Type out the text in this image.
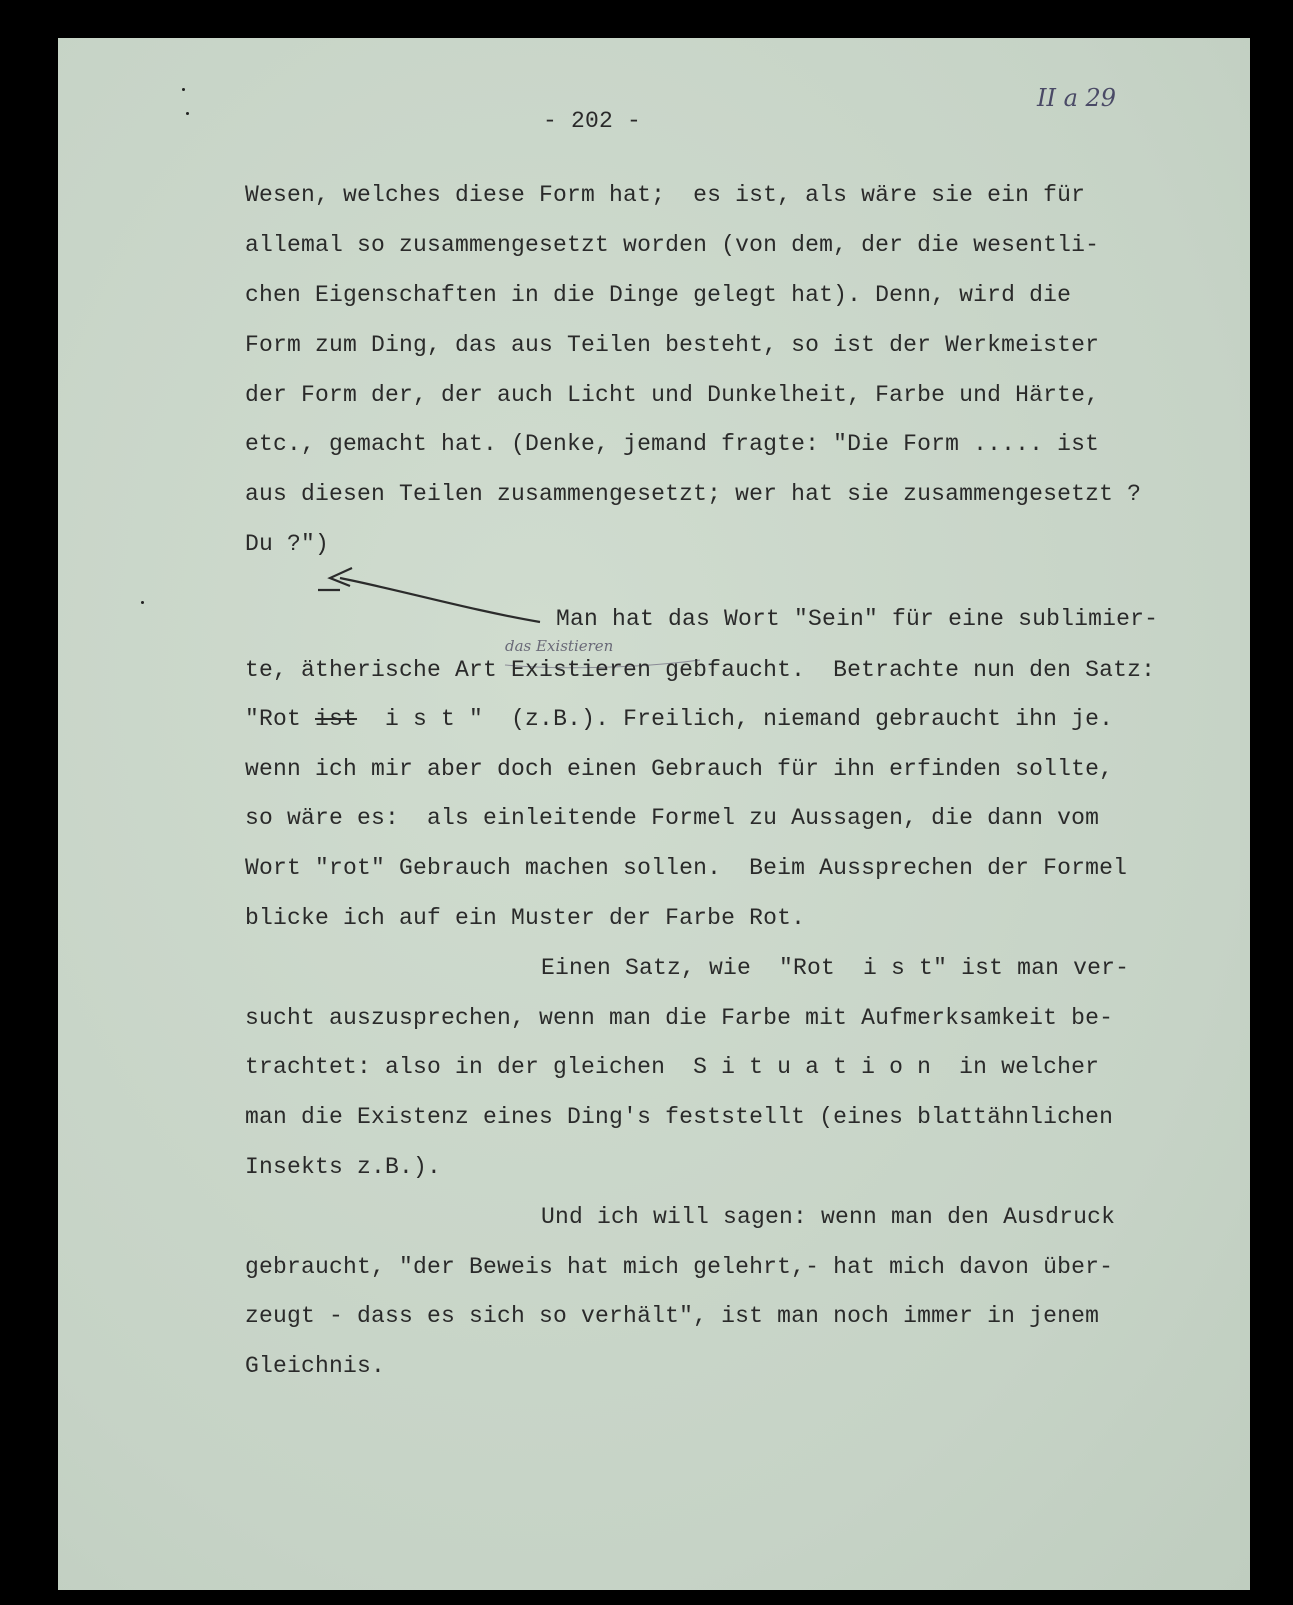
- 202 -
II a 29
Wesen, welches diese Form hat;  es ist, als wäre sie ein für
allemal so zusammengesetzt worden (von dem, der die wesentli-
chen Eigenschaften in die Dinge gelegt hat). Denn, wird die
Form zum Ding, das aus Teilen besteht, so ist der Werkmeister
der Form der, der auch Licht und Dunkelheit, Farbe und Härte,
etc., gemacht hat. (Denke, jemand fragte: "Die Form ..... ist
aus diesen Teilen zusammengesetzt; wer hat sie zusammengesetzt ?
Du ?")
Man hat das Wort "Sein" für eine sublimier-
das Existieren
te, ätherische Art Existieren gebfaucht.  Betrachte nun den Satz:
"Rot ist  i s t "  (z.B.). Freilich, niemand gebraucht ihn je.
wenn ich mir aber doch einen Gebrauch für ihn erfinden sollte,
so wäre es:  als einleitende Formel zu Aussagen, die dann vom
Wort "rot" Gebrauch machen sollen.  Beim Aussprechen der Formel
blicke ich auf ein Muster der Farbe Rot.
Einen Satz, wie  "Rot  i s t" ist man ver-
sucht auszusprechen, wenn man die Farbe mit Aufmerksamkeit be-
trachtet: also in der gleichen  S i t u a t i o n  in welcher
man die Existenz eines Ding's feststellt (eines blattähnlichen
Insekts z.B.).
Und ich will sagen: wenn man den Ausdruck
gebraucht, "der Beweis hat mich gelehrt,- hat mich davon über-
zeugt - dass es sich so verhält", ist man noch immer in jenem
Gleichnis.
